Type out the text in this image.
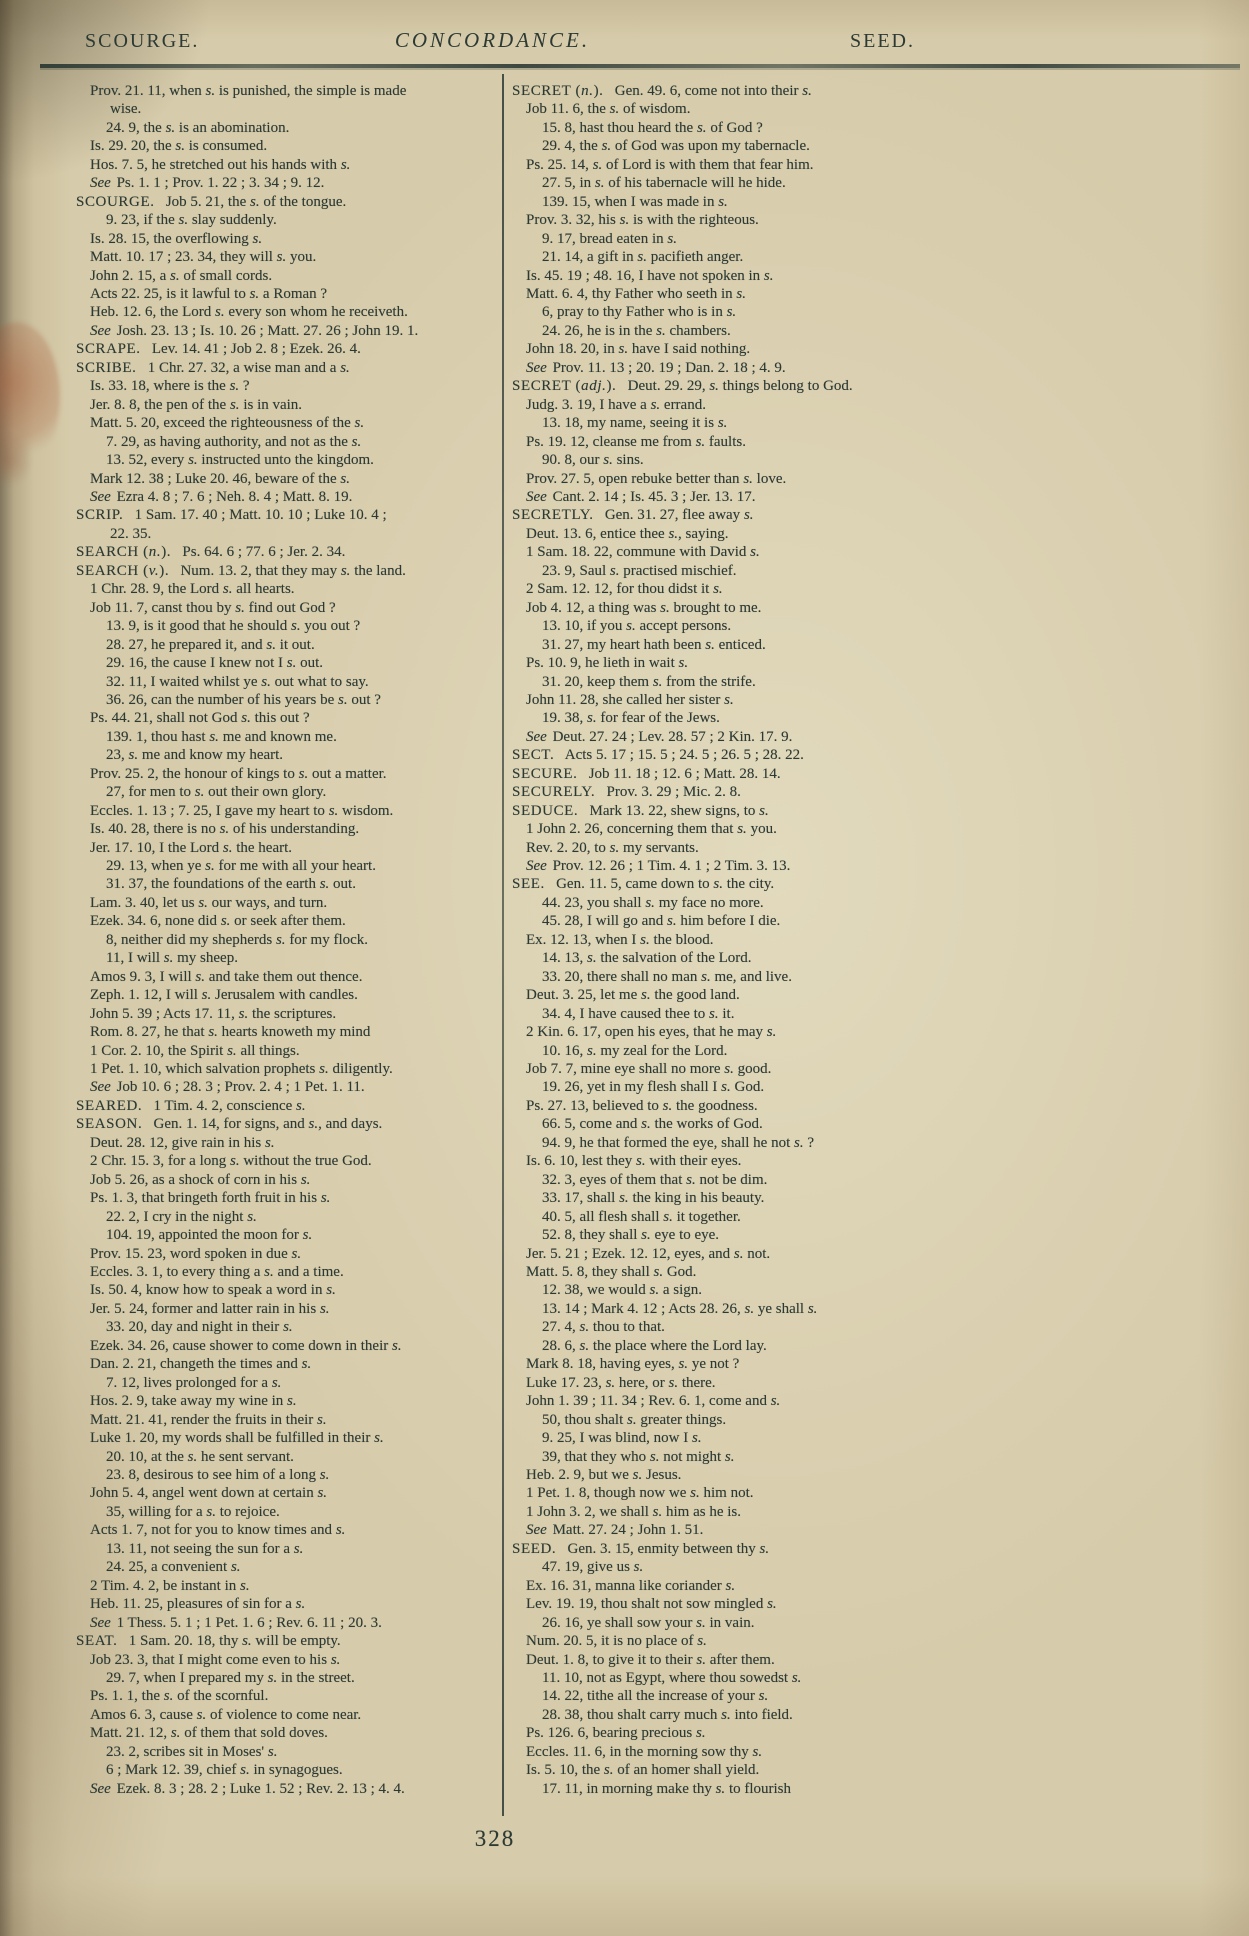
SCOURGE.	CONCORDANCE.	SEED.
Prov. 21. 11, when s. is punished, the simple is made
wise.
24. 9, the s. is an abomination.
Is. 29. 20, the s. is consumed.
Hos. 7. 5, he stretched out his hands with s.
See Ps. 1. 1 ; Prov. 1. 22 ; 3. 34 ; 9. 12.
SCOURGE.   Job 5. 21, the s. of the tongue.
9. 23, if the s. slay suddenly.
Is. 28. 15, the overflowing s.
Matt. 10. 17 ; 23. 34, they will s. you.
John 2. 15, a s. of small cords.
Acts 22. 25, is it lawful to s. a Roman ?
Heb. 12. 6, the Lord s. every son whom he receiveth.
See Josh. 23. 13 ; Is. 10. 26 ; Matt. 27. 26 ; John 19. 1.
SCRAPE.   Lev. 14. 41 ; Job 2. 8 ; Ezek. 26. 4.
SCRIBE.   1 Chr. 27. 32, a wise man and a s.
Is. 33. 18, where is the s. ?
Jer. 8. 8, the pen of the s. is in vain.
Matt. 5. 20, exceed the righteousness of the s.
7. 29, as having authority, and not as the s.
13. 52, every s. instructed unto the kingdom.
Mark 12. 38 ; Luke 20. 46, beware of the s.
See Ezra 4. 8 ; 7. 6 ; Neh. 8. 4 ; Matt. 8. 19.
SCRIP.   1 Sam. 17. 40 ; Matt. 10. 10 ; Luke 10. 4 ;
22. 35.
SEARCH (n.).   Ps. 64. 6 ; 77. 6 ; Jer. 2. 34.
SEARCH (v.).   Num. 13. 2, that they may s. the land.
1 Chr. 28. 9, the Lord s. all hearts.
Job 11. 7, canst thou by s. find out God ?
13. 9, is it good that he should s. you out ?
28. 27, he prepared it, and s. it out.
29. 16, the cause I knew not I s. out.
32. 11, I waited whilst ye s. out what to say.
36. 26, can the number of his years be s. out ?
Ps. 44. 21, shall not God s. this out ?
139. 1, thou hast s. me and known me.
23, s. me and know my heart.
Prov. 25. 2, the honour of kings to s. out a matter.
27, for men to s. out their own glory.
Eccles. 1. 13 ; 7. 25, I gave my heart to s. wisdom.
Is. 40. 28, there is no s. of his understanding.
Jer. 17. 10, I the Lord s. the heart.
29. 13, when ye s. for me with all your heart.
31. 37, the foundations of the earth s. out.
Lam. 3. 40, let us s. our ways, and turn.
Ezek. 34. 6, none did s. or seek after them.
8, neither did my shepherds s. for my flock.
11, I will s. my sheep.
Amos 9. 3, I will s. and take them out thence.
Zeph. 1. 12, I will s. Jerusalem with candles.
John 5. 39 ; Acts 17. 11, s. the scriptures.
Rom. 8. 27, he that s. hearts knoweth my mind
1 Cor. 2. 10, the Spirit s. all things.
1 Pet. 1. 10, which salvation prophets s. diligently.
See Job 10. 6 ; 28. 3 ; Prov. 2. 4 ; 1 Pet. 1. 11.
SEARED.   1 Tim. 4. 2, conscience s.
SEASON.   Gen. 1. 14, for signs, and s., and days.
Deut. 28. 12, give rain in his s.
2 Chr. 15. 3, for a long s. without the true God.
Job 5. 26, as a shock of corn in his s.
Ps. 1. 3, that bringeth forth fruit in his s.
22. 2, I cry in the night s.
104. 19, appointed the moon for s.
Prov. 15. 23, word spoken in due s.
Eccles. 3. 1, to every thing a s. and a time.
Is. 50. 4, know how to speak a word in s.
Jer. 5. 24, former and latter rain in his s.
33. 20, day and night in their s.
Ezek. 34. 26, cause shower to come down in their s.
Dan. 2. 21, changeth the times and s.
7. 12, lives prolonged for a s.
Hos. 2. 9, take away my wine in s.
Matt. 21. 41, render the fruits in their s.
Luke 1. 20, my words shall be fulfilled in their s.
20. 10, at the s. he sent servant.
23. 8, desirous to see him of a long s.
John 5. 4, angel went down at certain s.
35, willing for a s. to rejoice.
Acts 1. 7, not for you to know times and s.
13. 11, not seeing the sun for a s.
24. 25, a convenient s.
2 Tim. 4. 2, be instant in s.
Heb. 11. 25, pleasures of sin for a s.
See 1 Thess. 5. 1 ; 1 Pet. 1. 6 ; Rev. 6. 11 ; 20. 3.
SEAT.   1 Sam. 20. 18, thy s. will be empty.
Job 23. 3, that I might come even to his s.
29. 7, when I prepared my s. in the street.
Ps. 1. 1, the s. of the scornful.
Amos 6. 3, cause s. of violence to come near.
Matt. 21. 12, s. of them that sold doves.
23. 2, scribes sit in Moses' s.
6 ; Mark 12. 39, chief s. in synagogues.
See Ezek. 8. 3 ; 28. 2 ; Luke 1. 52 ; Rev. 2. 13 ; 4. 4.
SECRET (n.).   Gen. 49. 6, come not into their s.
Job 11. 6, the s. of wisdom.
15. 8, hast thou heard the s. of God ?
29. 4, the s. of God was upon my tabernacle.
Ps. 25. 14, s. of Lord is with them that fear him.
27. 5, in s. of his tabernacle will he hide.
139. 15, when I was made in s.
Prov. 3. 32, his s. is with the righteous.
9. 17, bread eaten in s.
21. 14, a gift in s. pacifieth anger.
Is. 45. 19 ; 48. 16, I have not spoken in s.
Matt. 6. 4, thy Father who seeth in s.
6, pray to thy Father who is in s.
24. 26, he is in the s. chambers.
John 18. 20, in s. have I said nothing.
See Prov. 11. 13 ; 20. 19 ; Dan. 2. 18 ; 4. 9.
SECRET (adj.).   Deut. 29. 29, s. things belong to God.
Judg. 3. 19, I have a s. errand.
13. 18, my name, seeing it is s.
Ps. 19. 12, cleanse me from s. faults.
90. 8, our s. sins.
Prov. 27. 5, open rebuke better than s. love.
See Cant. 2. 14 ; Is. 45. 3 ; Jer. 13. 17.
SECRETLY.   Gen. 31. 27, flee away s.
Deut. 13. 6, entice thee s., saying.
1 Sam. 18. 22, commune with David s.
23. 9, Saul s. practised mischief.
2 Sam. 12. 12, for thou didst it s.
Job 4. 12, a thing was s. brought to me.
13. 10, if you s. accept persons.
31. 27, my heart hath been s. enticed.
Ps. 10. 9, he lieth in wait s.
31. 20, keep them s. from the strife.
John 11. 28, she called her sister s.
19. 38, s. for fear of the Jews.
See Deut. 27. 24 ; Lev. 28. 57 ; 2 Kin. 17. 9.
SECT.   Acts 5. 17 ; 15. 5 ; 24. 5 ; 26. 5 ; 28. 22.
SECURE.   Job 11. 18 ; 12. 6 ; Matt. 28. 14.
SECURELY.   Prov. 3. 29 ; Mic. 2. 8.
SEDUCE.   Mark 13. 22, shew signs, to s.
1 John 2. 26, concerning them that s. you.
Rev. 2. 20, to s. my servants.
See Prov. 12. 26 ; 1 Tim. 4. 1 ; 2 Tim. 3. 13.
SEE.   Gen. 11. 5, came down to s. the city.
44. 23, you shall s. my face no more.
45. 28, I will go and s. him before I die.
Ex. 12. 13, when I s. the blood.
14. 13, s. the salvation of the Lord.
33. 20, there shall no man s. me, and live.
Deut. 3. 25, let me s. the good land.
34. 4, I have caused thee to s. it.
2 Kin. 6. 17, open his eyes, that he may s.
10. 16, s. my zeal for the Lord.
Job 7. 7, mine eye shall no more s. good.
19. 26, yet in my flesh shall I s. God.
Ps. 27. 13, believed to s. the goodness.
66. 5, come and s. the works of God.
94. 9, he that formed the eye, shall he not s. ?
Is. 6. 10, lest they s. with their eyes.
32. 3, eyes of them that s. not be dim.
33. 17, shall s. the king in his beauty.
40. 5, all flesh shall s. it together.
52. 8, they shall s. eye to eye.
Jer. 5. 21 ; Ezek. 12. 12, eyes, and s. not.
Matt. 5. 8, they shall s. God.
12. 38, we would s. a sign.
13. 14 ; Mark 4. 12 ; Acts 28. 26, s. ye shall s.
27. 4, s. thou to that.
28. 6, s. the place where the Lord lay.
Mark 8. 18, having eyes, s. ye not ?
Luke 17. 23, s. here, or s. there.
John 1. 39 ; 11. 34 ; Rev. 6. 1, come and s.
50, thou shalt s. greater things.
9. 25, I was blind, now I s.
39, that they who s. not might s.
Heb. 2. 9, but we s. Jesus.
1 Pet. 1. 8, though now we s. him not.
1 John 3. 2, we shall s. him as he is.
See Matt. 27. 24 ; John 1. 51.
SEED.   Gen. 3. 15, enmity between thy s.
47. 19, give us s.
Ex. 16. 31, manna like coriander s.
Lev. 19. 19, thou shalt not sow mingled s.
26. 16, ye shall sow your s. in vain.
Num. 20. 5, it is no place of s.
Deut. 1. 8, to give it to their s. after them.
11. 10, not as Egypt, where thou sowedst s.
14. 22, tithe all the increase of your s.
28. 38, thou shalt carry much s. into field.
Ps. 126. 6, bearing precious s.
Eccles. 11. 6, in the morning sow thy s.
Is. 5. 10, the s. of an homer shall yield.
17. 11, in morning make thy s. to flourish
328
